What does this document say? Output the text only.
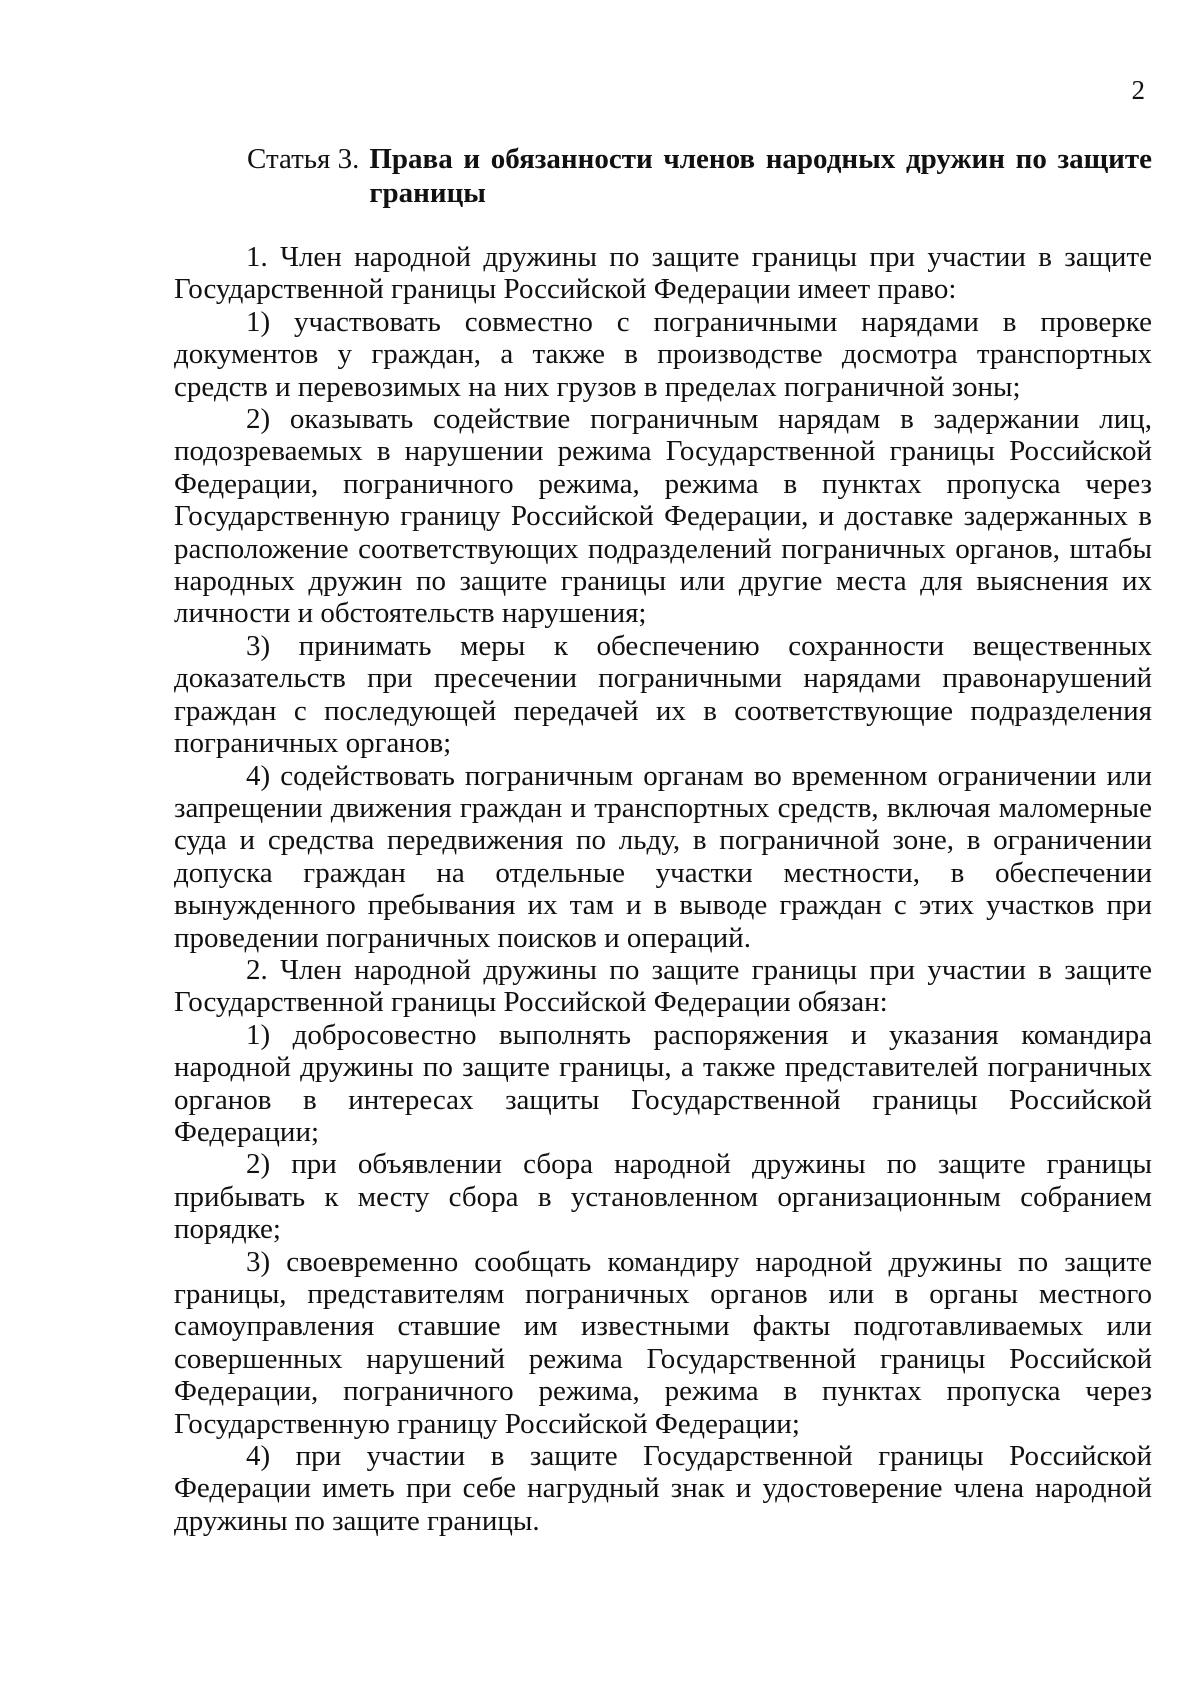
2
Статья 3. Права и обязанности членов народных дружин по защите границы

1. Член народной дружины по защите границы при участии в защите Государственной границы Российской Федерации имеет право:

1) участвовать совместно с пограничными нарядами в проверке документов у граждан, а также в производстве досмотра транспортных средств и перевозимых на них грузов в пределах пограничной зоны;

2) оказывать содействие пограничным нарядам в задержании лиц, подозреваемых в нарушении режима Государственной границы Российской Федерации, пограничного режима, режима в пунктах пропуска через Государственную границу Российской Федерации, и доставке задержанных в расположение соответствующих подразделений пограничных органов, штабы народных дружин по защите границы или другие места для выяснения их личности и обстоятельств нарушения;

3) принимать меры к обеспечению сохранности вещественных доказательств при пресечении пограничными нарядами правонарушений граждан с последующей передачей их в соответствующие подразделения пограничных органов;

4) содействовать пограничным органам во временном ограничении или запрещении движения граждан и транспортных средств, включая маломерные суда и средства передвижения по льду, в пограничной зоне, в ограничении допуска граждан на отдельные участки местности, в обеспечении вынужденного пребывания их там и в выводе граждан с этих участков при проведении пограничных поисков и операций.

2. Член народной дружины по защите границы при участии в защите Государственной границы Российской Федерации обязан:

1) добросовестно выполнять распоряжения и указания командира народной дружины по защите границы, а также представителей пограничных органов в интересах защиты Государственной границы Российской Федерации;

2) при объявлении сбора народной дружины по защите границы прибывать к месту сбора в установленном организационным собранием порядке;

3) своевременно сообщать командиру народной дружины по защите границы, представителям пограничных органов или в органы местного самоуправления ставшие им известными факты подготавливаемых или совершенных нарушений режима Государственной границы Российской Федерации, пограничного режима, режима в пунктах пропуска через Государственную границу Российской Федерации;

4) при участии в защите Государственной границы Российской Федерации иметь при себе нагрудный знак и удостоверение члена народной дружины по защите границы.
